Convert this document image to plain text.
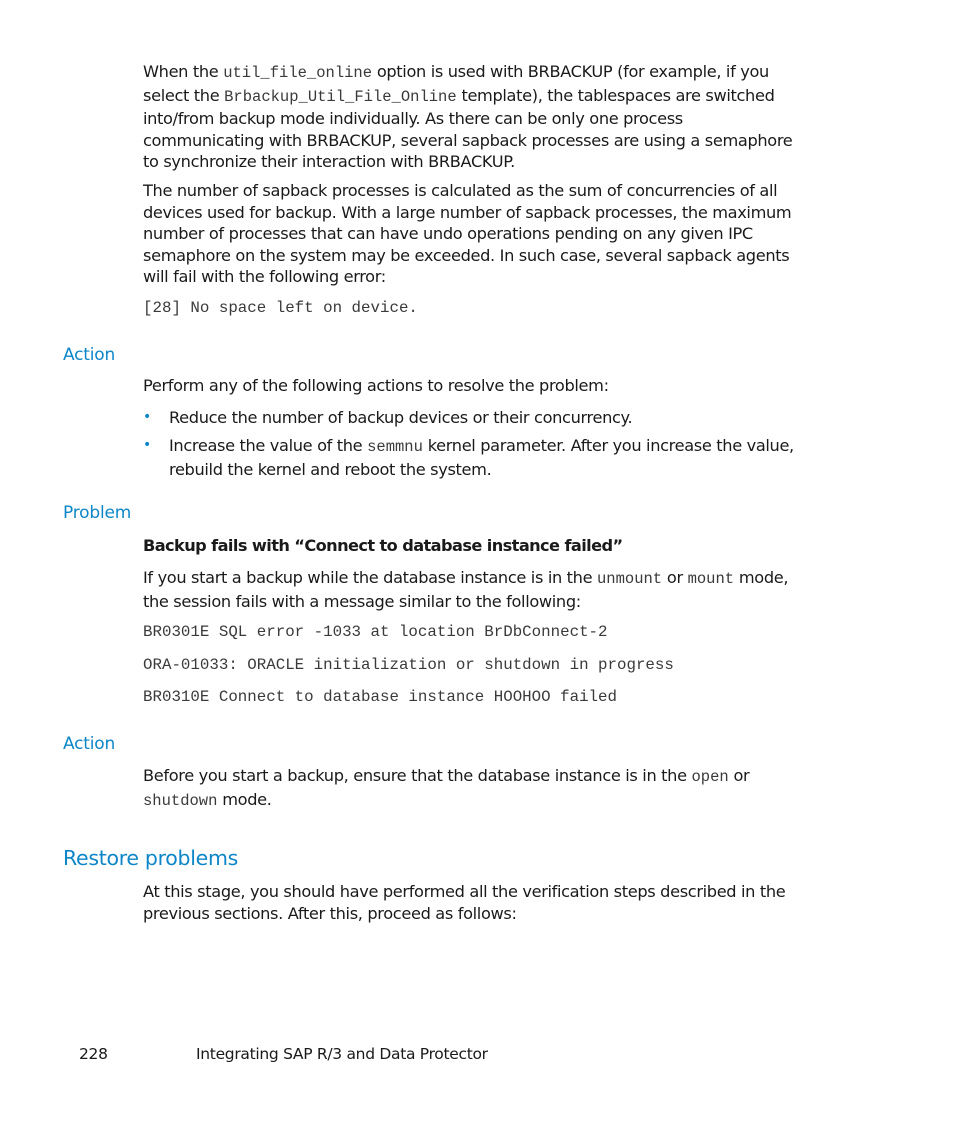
When the util_file_online option is used with BRBACKUP (for example, if you select the Brbackup_Util_File_Online template), the tablespaces are switched into/from backup mode individually. As there can be only one process communicating with BRBACKUP, several sapback processes are using a semaphore to synchronize their interaction with BRBACKUP.

The number of sapback processes is calculated as the sum of concurrencies of all devices used for backup. With a large number of sapback processes, the maximum number of processes that can have undo operations pending on any given IPC semaphore on the system may be exceeded. In such case, several sapback agents will fail with the following error:

[28] No space left on device.

Action

Perform any of the following actions to resolve the problem:

• Reduce the number of backup devices or their concurrency.
• Increase the value of the semmnu kernel parameter. After you increase the value, rebuild the kernel and reboot the system.

Problem

Backup fails with “Connect to database instance failed”

If you start a backup while the database instance is in the unmount or mount mode, the session fails with a message similar to the following:

BR0301E SQL error -1033 at location BrDbConnect-2

ORA-01033: ORACLE initialization or shutdown in progress

BR0310E Connect to database instance HOOHOO failed

Action

Before you start a backup, ensure that the database instance is in the open or shutdown mode.

Restore problems

At this stage, you should have performed all the verification steps described in the previous sections. After this, proceed as follows:

228	Integrating SAP R/3 and Data Protector
